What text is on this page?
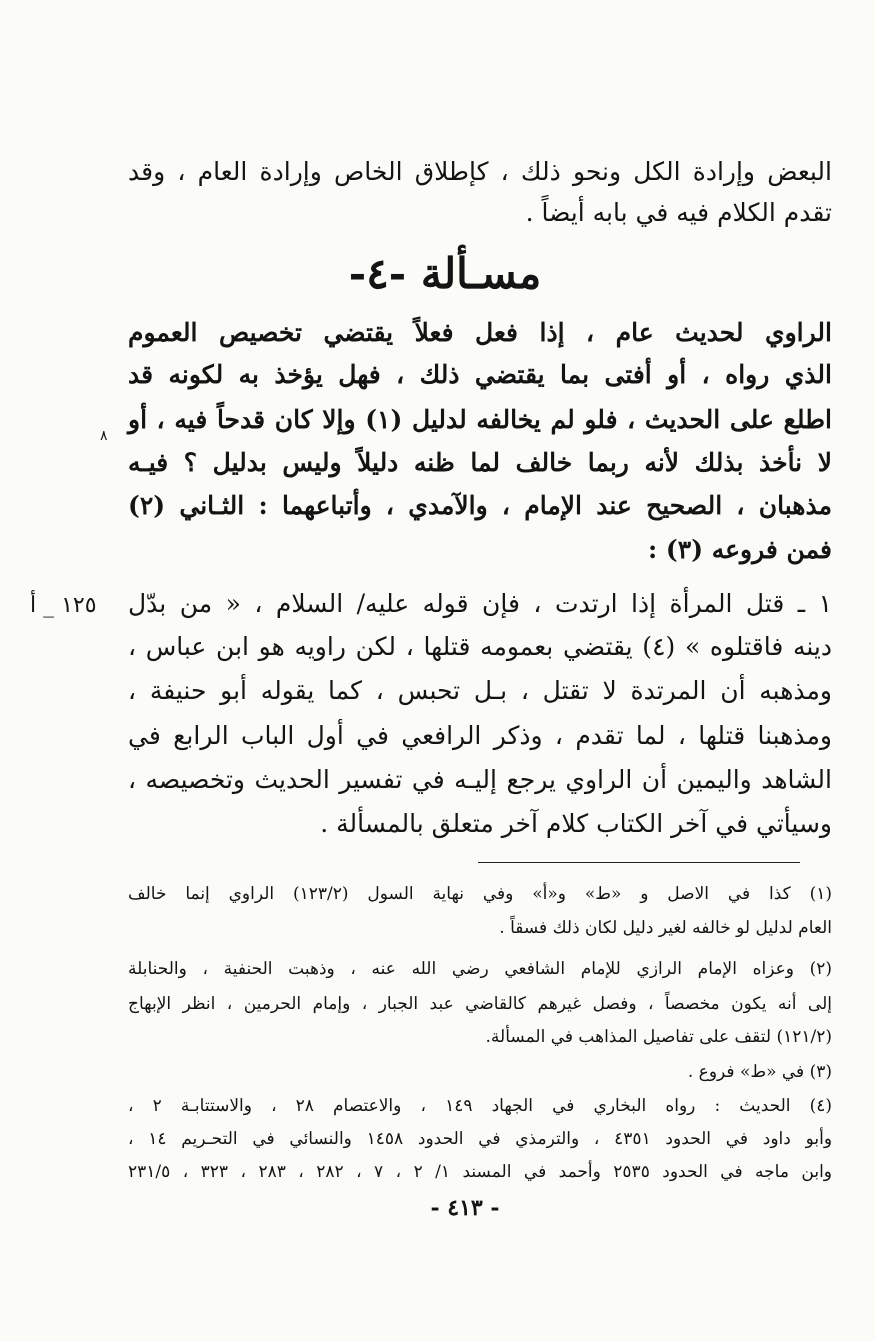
البعض وإرادة الكل ونحو ذلك ، كإطلاق الخاص وإرادة العام ، وقد
تقدم الكلام فيه في بابه أيضاً .
مسـألة -٤-
الراوي لحديث عام ، إذا فعل فعلاً يقتضي تخصيص العموم
الذي رواه ، أو أفتى بما يقتضي ذلك ، فهل يؤخذ به لكونه قد
اطلع على الحديث ، فلو لم يخالفه لدليل (١) وإلا كان قدحاً فيه ، أو
لا نأخذ بذلك لأنه ربما خالف لما ظنه دليلاً وليس بدليل ؟ فيـه
مذهبان ، الصحيح عند الإمام ، والآمدي ، وأتباعهما : الثـاني (٢)
فمن فروعه (٣) :
٨
١٢٥ _ أ ١ ـ قتل المرأة إذا ارتدت ، فإن قوله عليه/ السلام ، « من بدّل
دينه فاقتلوه » (٤) يقتضي بعمومه قتلها ، لكن راويه هو ابن عباس ،
ومذهبه أن المرتدة لا تقتل ، بـل تحبس ، كما يقوله أبو حنيفة ،
ومذهبنا قتلها ، لما تقدم ، وذكر الرافعي في أول الباب الرابع في
الشاهد واليمين أن الراوي يرجع إليـه في تفسير الحديث وتخصيصه ،
وسيأتي في آخر الكتاب كلام آخر متعلق بالمسألة .
(١) كذا في الاصل و «ط» و«أ» وفي نهاية السول (١٢٣/٢) الراوي إنما خالف
العام لدليل لو خالفه لغير دليل لكان ذلك فسقاً .
(٢) وعزاه الإمام الرازي للإمام الشافعي رضي الله عنه ، وذهبت الحنفية ، والحنابلة
إلى أنه يكون مخصصاً ، وفصل غيرهم كالقاضي عبد الجبار ، وإمام الحرمين ، انظر الإبهاج
(١٢١/٢) لتقف على تفاصيل المذاهب في المسألة.
(٣) في «ط» فروع .
(٤) الحديث : رواه البخاري في الجهاد ١٤٩ ، والاعتصام ٢٨ ، والاستتابـة ٢ ،
وأبو داود في الحدود ٤٣٥١ ، والترمذي في الحدود ١٤٥٨ والنسائي في التحـريم ١٤ ،
وابن ماجه في الحدود ٢٥٣٥ وأحمد في المسند ١/ ٢ ، ٧ ، ٢٨٢ ، ٢٨٣ ، ٣٢٣ ، ٢٣١/٥
- ٤١٣ -
